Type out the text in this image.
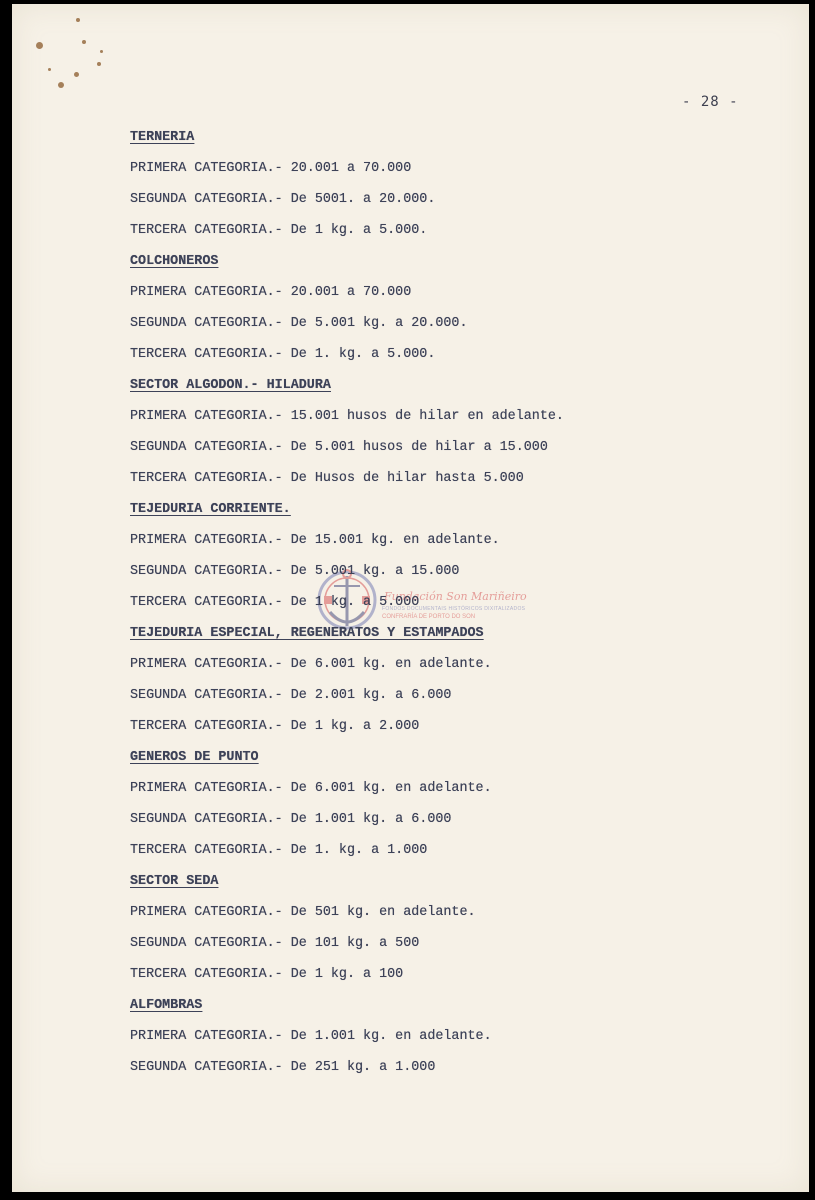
- 28 -
Fundación Son Mariñeiro
FONDOS DOCUMENTAIS HISTÓRICOS DIXITALIZADOS
CONFRARÍA DE PORTO DO SON
TERNERIA
PRIMERA CATEGORIA.- 20.001 a 70.000
SEGUNDA CATEGORIA.- De 5001. a 20.000.
TERCERA CATEGORIA.- De 1 kg. a 5.000.
COLCHONEROS
PRIMERA CATEGORIA.- 20.001 a 70.000
SEGUNDA CATEGORIA.- De 5.001 kg. a 20.000.
TERCERA CATEGORIA.- De 1. kg. a 5.000.
SECTOR ALGODON.- HILADURA
PRIMERA CATEGORIA.- 15.001 husos de hilar en adelante.
SEGUNDA CATEGORIA.- De 5.001 husos de hilar a 15.000
TERCERA CATEGORIA.- De Husos de hilar hasta 5.000
TEJEDURIA CORRIENTE.
PRIMERA CATEGORIA.- De 15.001 kg. en adelante.
SEGUNDA CATEGORIA.- De 5.001 kg. a 15.000
TERCERA CATEGORIA.- De 1 kg. a 5.000
TEJEDURIA ESPECIAL, REGENERATOS Y ESTAMPADOS
PRIMERA CATEGORIA.- De 6.001 kg. en adelante.
SEGUNDA CATEGORIA.- De 2.001 kg. a 6.000
TERCERA CATEGORIA.- De 1 kg. a 2.000
GENEROS DE PUNTO
PRIMERA CATEGORIA.- De 6.001 kg. en adelante.
SEGUNDA CATEGORIA.- De 1.001 kg. a 6.000
TERCERA CATEGORIA.- De 1. kg. a 1.000
SECTOR SEDA
PRIMERA CATEGORIA.- De 501 kg. en adelante.
SEGUNDA CATEGORIA.- De 101 kg. a 500
TERCERA CATEGORIA.- De 1 kg. a 100
ALFOMBRAS
PRIMERA CATEGORIA.- De 1.001 kg. en adelante.
SEGUNDA CATEGORIA.- De 251 kg. a 1.000
